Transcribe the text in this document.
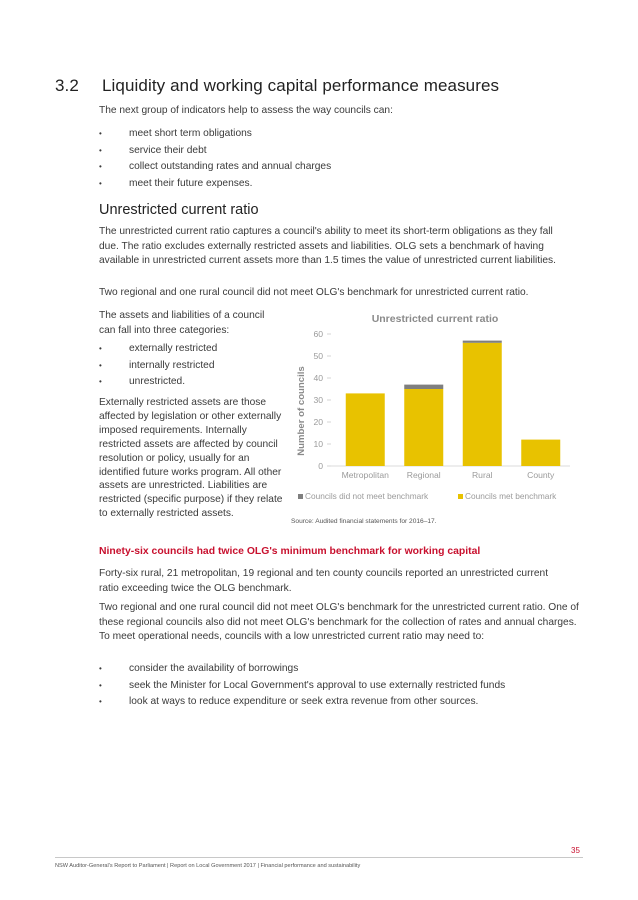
3.2 Liquidity and working capital performance measures
The next group of indicators help to assess the way councils can:
• meet short term obligations
• service their debt
• collect outstanding rates and annual charges
• meet their future expenses.
Unrestricted current ratio
The unrestricted current ratio captures a council's ability to meet its short-term obligations as they fall due. The ratio excludes externally restricted assets and liabilities. OLG sets a benchmark of having available in unrestricted current assets more than 1.5 times the value of unrestricted current liabilities.
Two regional and one rural council did not meet OLG's benchmark for unrestricted current ratio.
The assets and liabilities of a council can fall into three categories:
• externally restricted
• internally restricted
• unrestricted.
Externally restricted assets are those affected by legislation or other externally imposed requirements. Internally restricted assets are affected by council resolution or policy, usually for an identified future works program. All other assets are unrestricted. Liabilities are restricted (specific purpose) if they relate to externally restricted assets.
Unrestricted current ratio
Number of councils
0
10
20
30
40
50
60
Metropolitan Regional	Rural	County
Councils did not meet benchmark	Councils met benchmark
Source: Audited financial statements for 2016–17.
Ninety-six councils had twice OLG's minimum benchmark for working capital
Forty-six rural, 21 metropolitan, 19 regional and ten county councils reported an unrestricted current ratio exceeding twice the OLG benchmark.
Two regional and one rural council did not meet OLG's benchmark for the unrestricted current ratio. One of these regional councils also did not meet OLG's benchmark for the collection of rates and annual charges. To meet operational needs, councils with a low unrestricted current ratio may need to:
• consider the availability of borrowings
• seek the Minister for Local Government's approval to use externally restricted funds
• look at ways to reduce expenditure or seek extra revenue from other sources.
35
NSW Auditor-General's Report to Parliament | Report on Local Government 2017 | Financial performance and sustainability
